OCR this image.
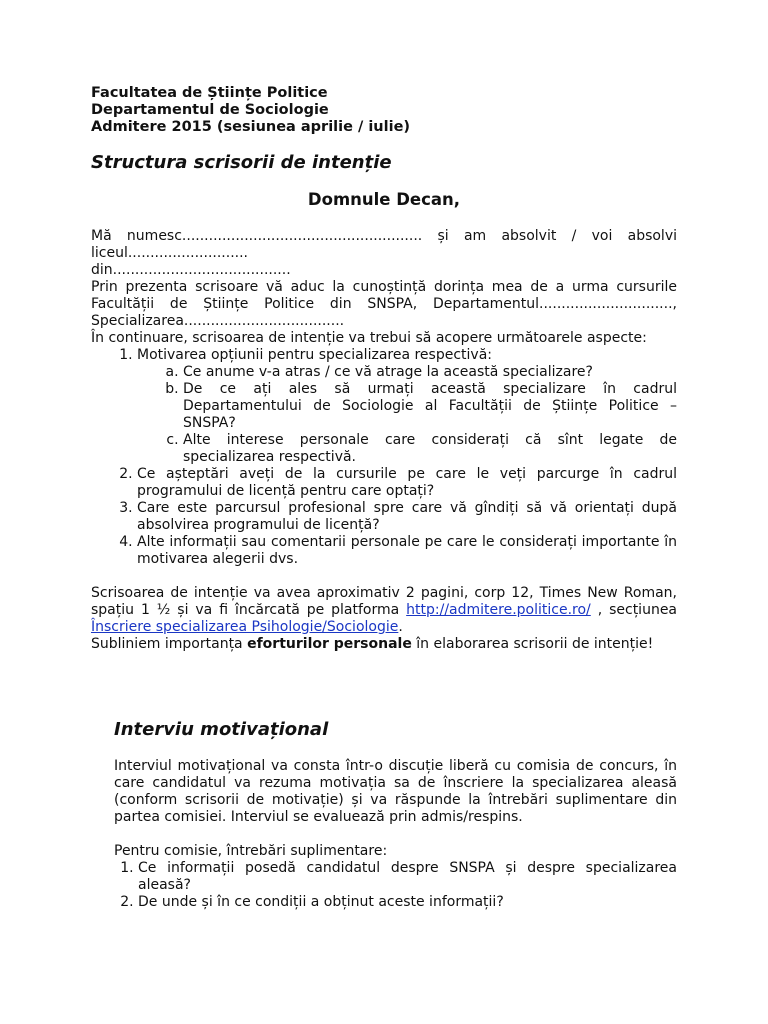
Facultatea de Științe Politice
Departamentul de Sociologie
Admitere 2015 (sesiunea aprilie / iulie)
Structura scrisorii de intenție
Domnule Decan,

Mă numesc...................................................... și am absolvit / voi absolvi liceul...........................

din........................................

Prin prezenta scrisoare vă aduc la cunoștință dorința mea de a urma cursurile Facultății de Științe Politice din SNSPA, Departamentul.............................., Specializarea....................................

În continuare, scrisoarea de intenție va trebui să acopere următoarele aspecte:

1. Motivarea opțiunii pentru specializarea respectivă:
a. Ce anume v-a atras / ce vă atrage la această specializare?
b. De ce ați ales să urmați această specializare în cadrul Departamentului de Sociologie al Facultății de Științe Politice – SNSPA?
c. Alte interese personale care considerați că sînt legate de specializarea respectivă.
2. Ce așteptări aveți de la cursurile pe care le veți parcurge în cadrul programului de licență pentru care optați?
3. Care este parcursul profesional spre care vă gîndiți să vă orientați după absolvirea programului de licență?
4. Alte informații sau comentarii personale pe care le considerați importante în motivarea alegerii dvs.

Scrisoarea de intenție va avea aproximativ 2 pagini, corp 12, Times New Roman, spațiu 1 ½ și va fi încărcată pe platforma http://admitere.politice.ro/ , secțiunea Înscriere specializarea Psihologie/Sociologie.

Subliniem importanța eforturilor personale în elaborarea scrisorii de intenție!

Interviu motivațional

Interviul motivațional va consta într-o discuție liberă cu comisia de concurs, în care candidatul va rezuma motivația sa de înscriere la specializarea aleasă (conform scrisorii de motivație) și va răspunde la întrebări suplimentare din partea comisiei. Interviul se evaluează prin admis/respins.

Pentru comisie, întrebări suplimentare:

1. Ce informații posedă candidatul despre SNSPA și despre specializarea aleasă?
2. De unde și în ce condiții a obținut aceste informații?
